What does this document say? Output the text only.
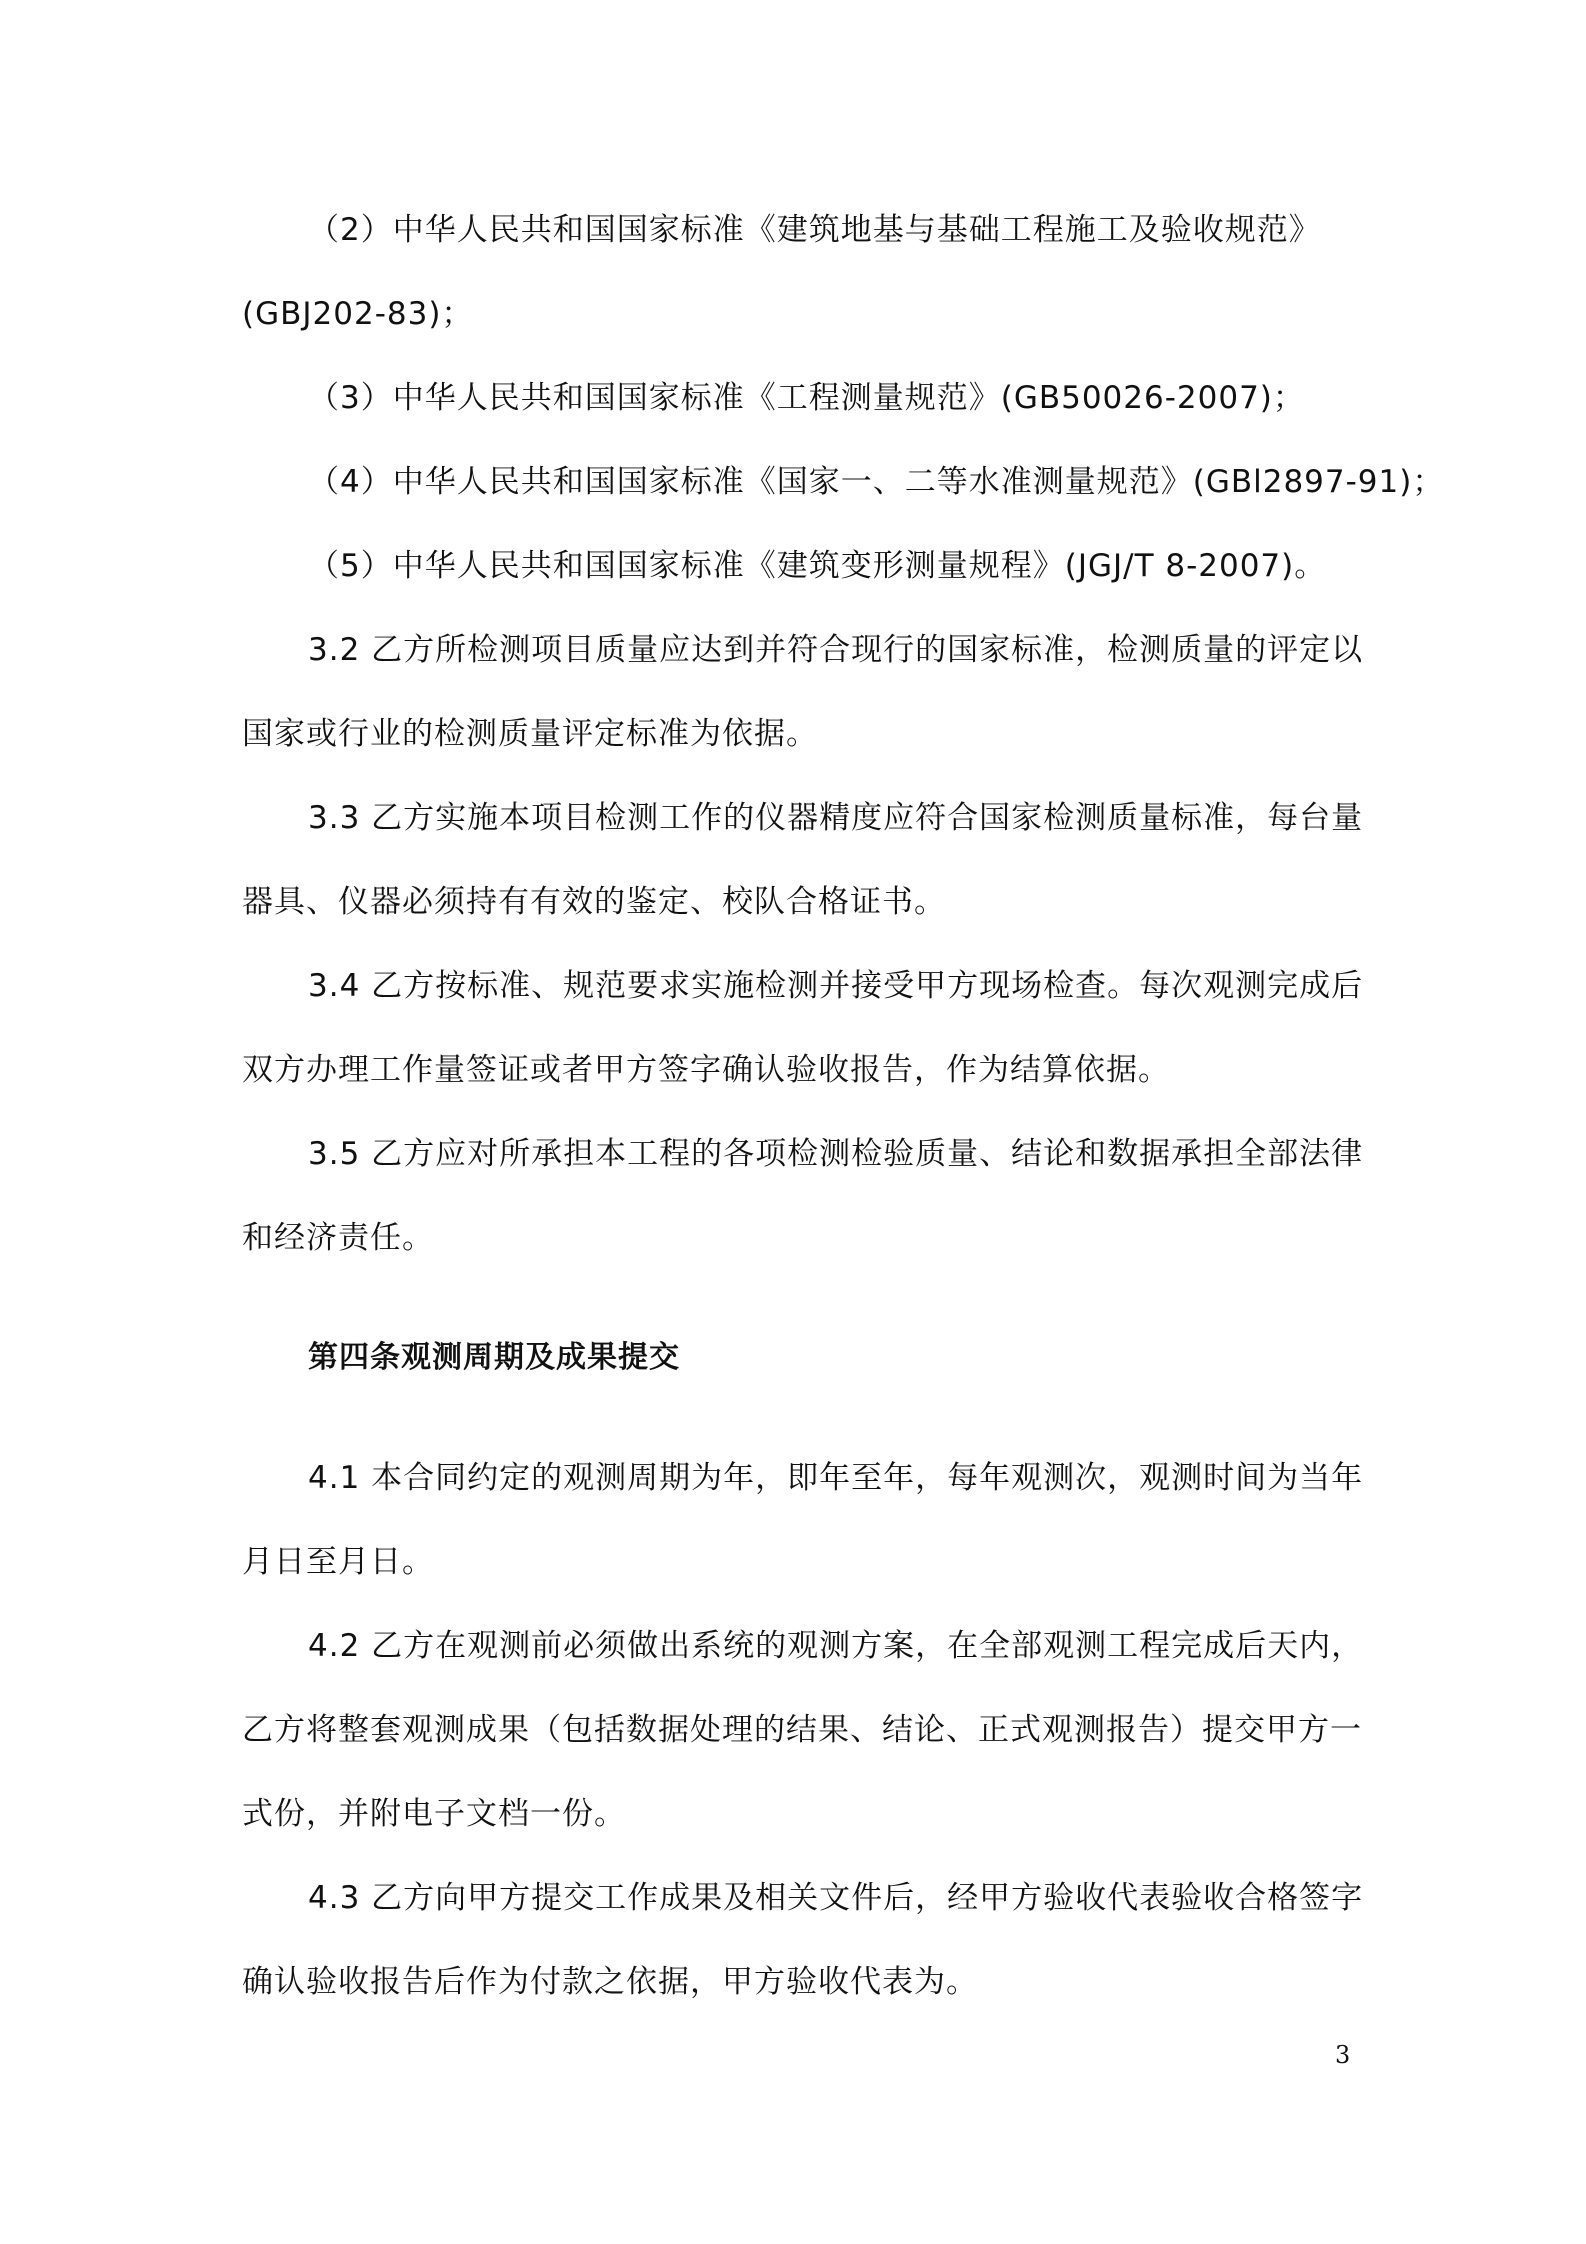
（2）中华人民共和国国家标准《建筑地基与基础工程施工及验收规范》
(GBJ202-83)；
（3）中华人民共和国国家标准《工程测量规范》(GB50026-2007)；
（4）中华人民共和国国家标准《国家一、二等水准测量规范》(GBl2897-91)；
（5）中华人民共和国国家标准《建筑变形测量规程》(JGJ/T 8-2007)。
3.2 乙方所检测项目质量应达到并符合现行的国家标准，检测质量的评定以
国家或行业的检测质量评定标准为依据。
3.3 乙方实施本项目检测工作的仪器精度应符合国家检测质量标准，每台量
器具、仪器必须持有有效的鉴定、校队合格证书。
3.4 乙方按标准、规范要求实施检测并接受甲方现场检查。每次观测完成后
双方办理工作量签证或者甲方签字确认验收报告，作为结算依据。
3.5 乙方应对所承担本工程的各项检测检验质量、结论和数据承担全部法律
和经济责任。
第四条观测周期及成果提交
4.1 本合同约定的观测周期为年，即年至年，每年观测次，观测时间为当年
月日至月日。
4.2 乙方在观测前必须做出系统的观测方案，在全部观测工程完成后天内，
乙方将整套观测成果（包括数据处理的结果、结论、正式观测报告）提交甲方一
式份，并附电子文档一份。
4.3 乙方向甲方提交工作成果及相关文件后，经甲方验收代表验收合格签字
确认验收报告后作为付款之依据，甲方验收代表为。
3
